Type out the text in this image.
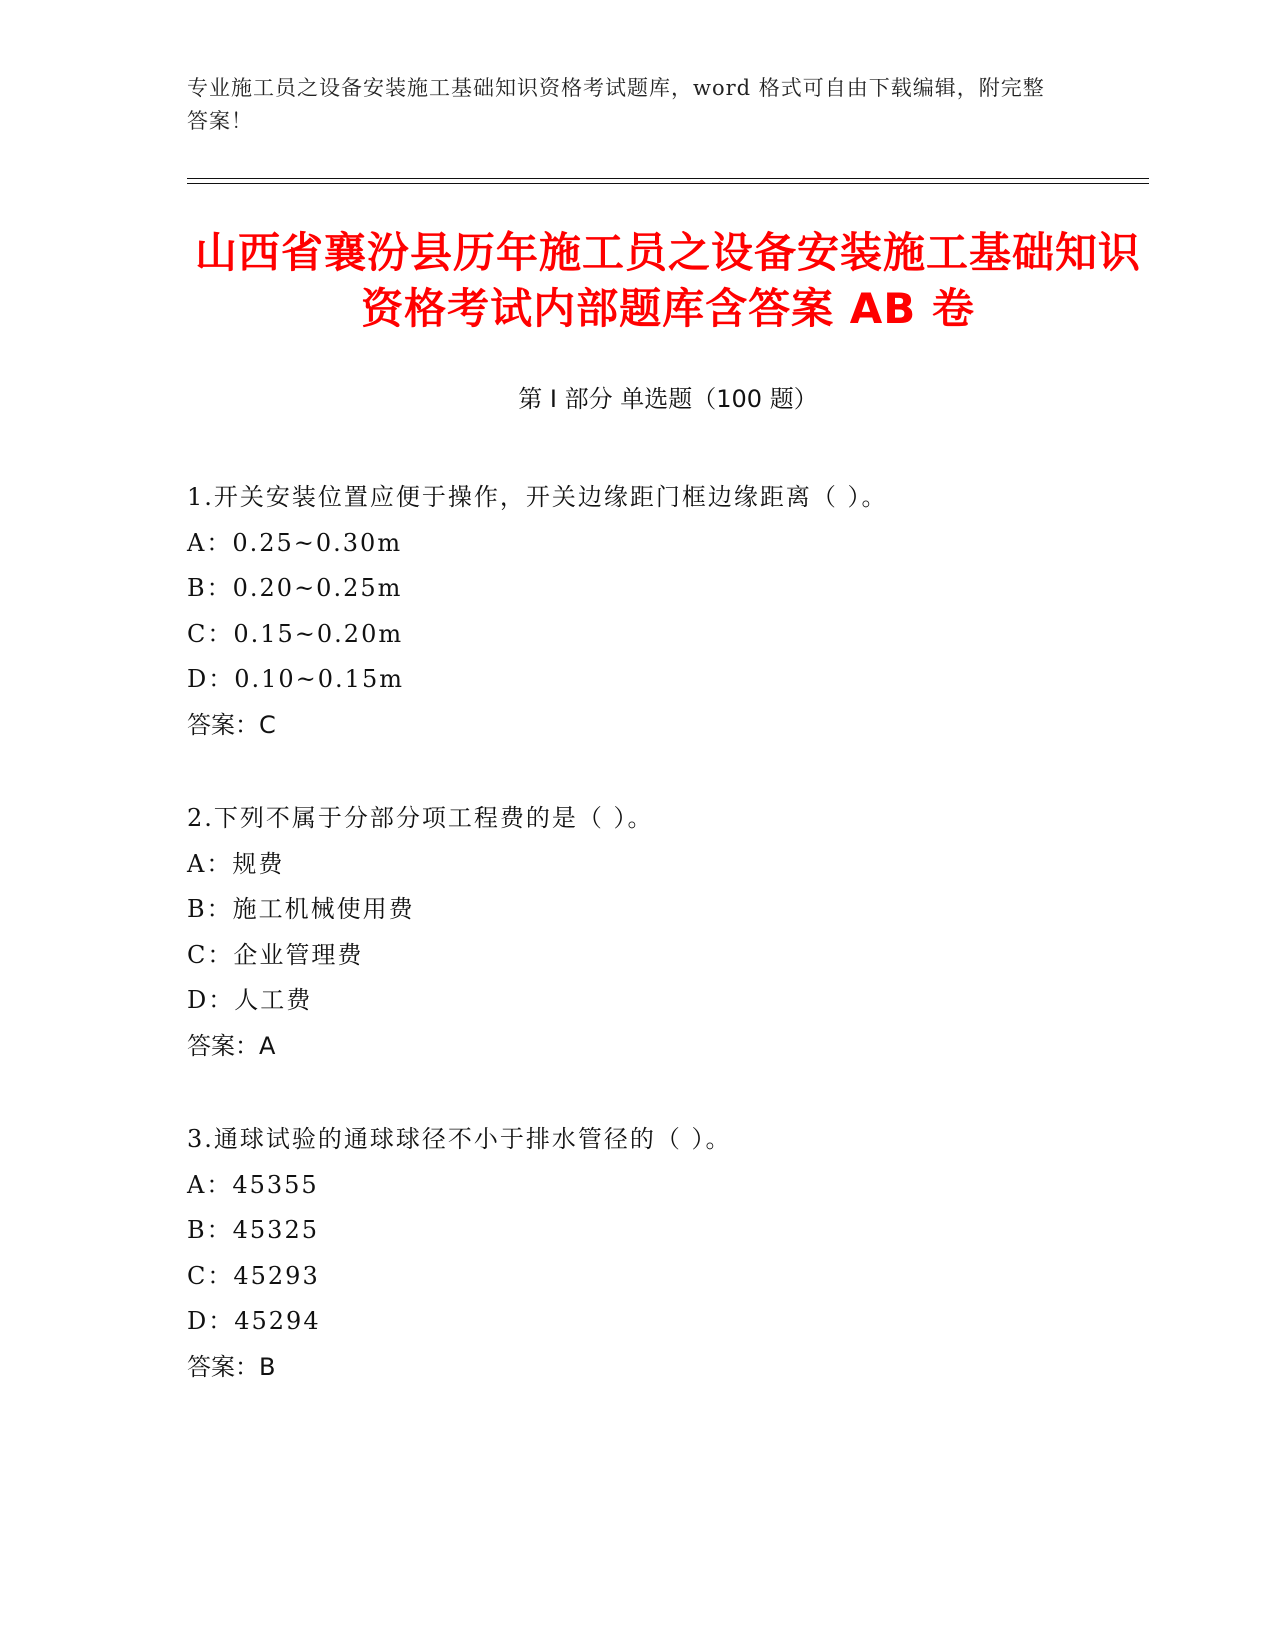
专业施工员之设备安装施工基础知识资格考试题库，word 格式可自由下载编辑，附完整答案！
山西省襄汾县历年施工员之设备安装施工基础知识资格考试内部题库含答案 AB 卷
第 I 部分 单选题（100 题）
1.开关安装位置应便于操作，开关边缘距门框边缘距离（ ）。
A：0.25~0.30m
B：0.20~0.25m
C：0.15~0.20m
D：0.10~0.15m
答案：C
2.下列不属于分部分项工程费的是（ ）。
A：规费
B：施工机械使用费
C：企业管理费
D：人工费
答案：A
3.通球试验的通球球径不小于排水管径的（ ）。
A：45355
B：45325
C：45293
D：45294
答案：B
